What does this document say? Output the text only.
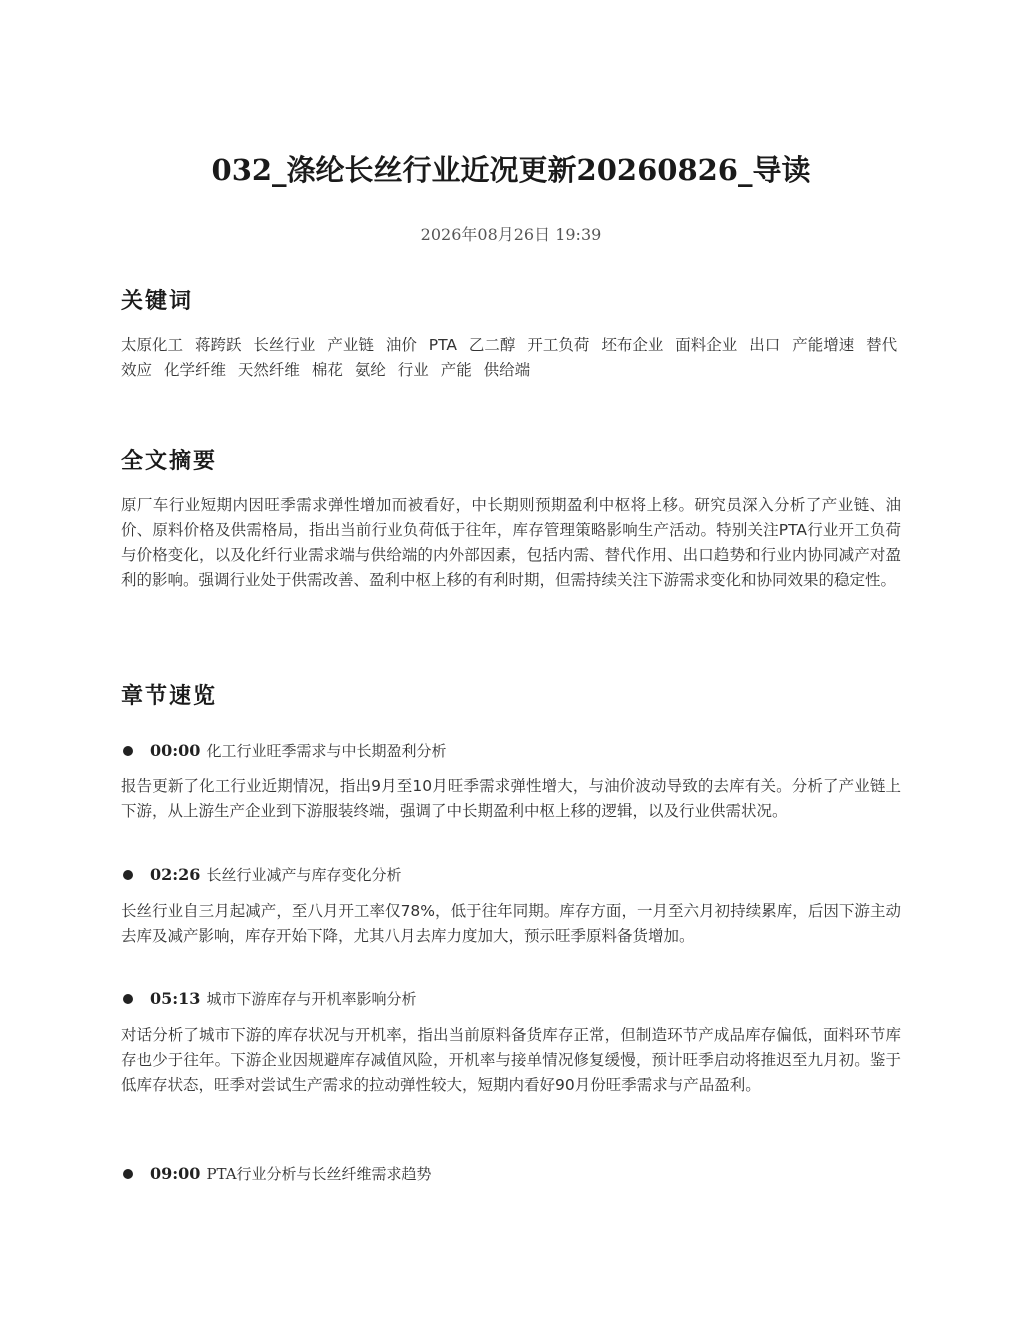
032_涤纶长丝行业近况更新20260826_导读
2026年08月26日 19:39
关键词
太原化工 蒋跨跃 长丝行业 产业链 油价 PTA 乙二醇 开工负荷 坯布企业 面料企业 出口 产能增速 替代效应 化学纤维 天然纤维 棉花 氨纶 行业 产能 供给端
全文摘要

原厂车行业短期内因旺季需求弹性增加而被看好，中长期则预期盈利中枢将上移。研究员深入分析了产业链、油价、原料价格及供需格局，指出当前行业负荷低于往年，库存管理策略影响生产活动。特别关注PTA行业开工负荷与价格变化，以及化纤行业需求端与供给端的内外部因素，包括内需、替代作用、出口趋势和行业内协同减产对盈利的影响。强调行业处于供需改善、盈利中枢上移的有利时期，但需持续关注下游需求变化和协同效果的稳定性。

章节速览
00:00 化工行业旺季需求与中长期盈利分析

报告更新了化工行业近期情况，指出9月至10月旺季需求弹性增大，与油价波动导致的去库有关。分析了产业链上下游，从上游生产企业到下游服装终端，强调了中长期盈利中枢上移的逻辑，以及行业供需状况。

02:26 长丝行业减产与库存变化分析

长丝行业自三月起减产，至八月开工率仅78%，低于往年同期。库存方面，一月至六月初持续累库，后因下游主动去库及减产影响，库存开始下降，尤其八月去库力度加大，预示旺季原料备货增加。

05:13 城市下游库存与开机率影响分析

对话分析了城市下游的库存状况与开机率，指出当前原料备货库存正常，但制造环节产成品库存偏低，面料环节库存也少于往年。下游企业因规避库存减值风险，开机率与接单情况修复缓慢，预计旺季启动将推迟至九月初。鉴于低库存状态，旺季对尝试生产需求的拉动弹性较大，短期内看好90月份旺季需求与产品盈利。

09:00 PTA行业分析与长丝纤维需求趋势
